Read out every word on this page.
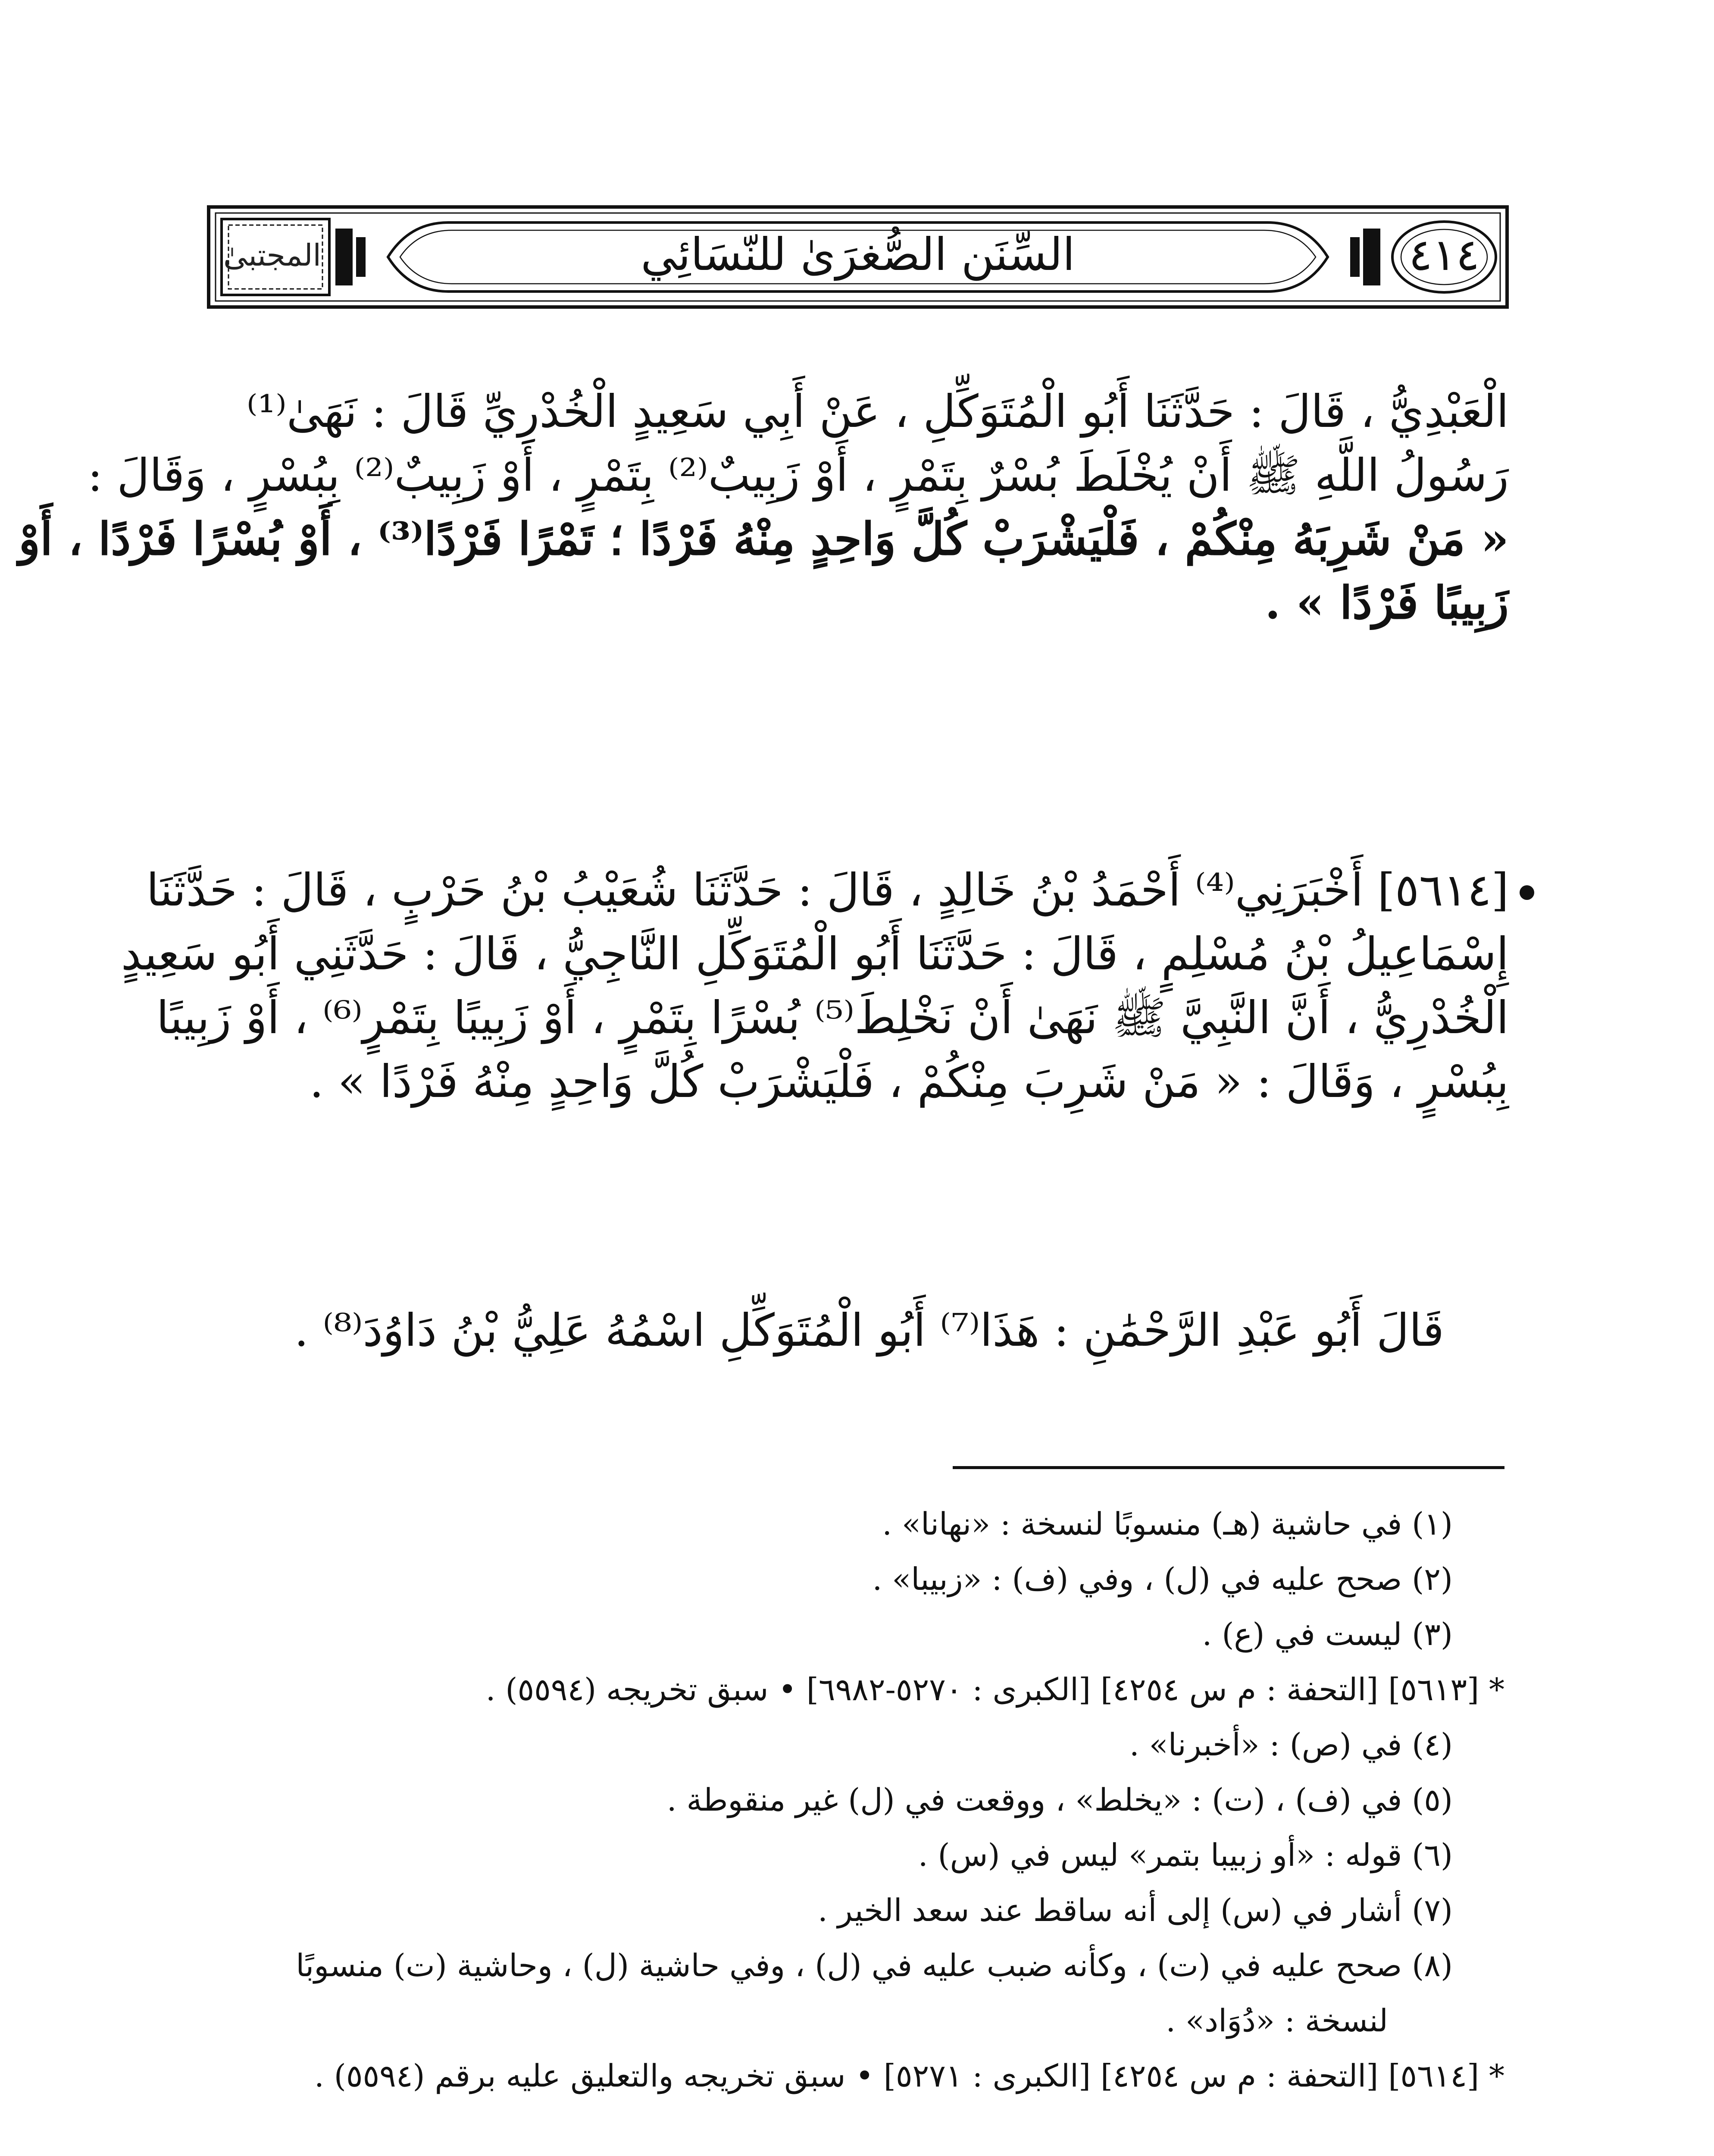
المجتبىٰ	السِّنَن الصُّغرَىٰ للنّسَائِي	٤١٤
الْعَبْدِيُّ ، قَالَ : حَدَّثَنَا أَبُو الْمُتَوَكِّلِ ، عَنْ أَبِي سَعِيدٍ الْخُدْرِيِّ قَالَ : نَهَىٰ⁽¹⁾
رَسُولُ اللَّهِ ﷺ أَنْ يُخْلَطَ بُسْرٌ بِتَمْرٍ ، أَوْ زَبِيبٌ⁽²⁾ بِتَمْرٍ ، أَوْ زَبِيبٌ⁽²⁾ بِبُسْرٍ ، وَقَالَ :
« مَنْ شَرِبَهُ مِنْكُمْ ، فَلْيَشْرَبْ كُلَّ وَاحِدٍ مِنْهُ فَرْدًا ؛ تَمْرًا فَرْدًا⁽³⁾ ، أَوْ بُسْرًا فَرْدًا ، أَوْ
زَبِيبًا فَرْدًا » .
[٥٦١٤] أَخْبَرَنِي⁽⁴⁾ أَحْمَدُ بْنُ خَالِدٍ ، قَالَ : حَدَّثَنَا شُعَيْبُ بْنُ حَرْبٍ ، قَالَ : حَدَّثَنَا
إِسْمَاعِيلُ بْنُ مُسْلِمٍ ، قَالَ : حَدَّثَنَا أَبُو الْمُتَوَكِّلِ النَّاجِيُّ ، قَالَ : حَدَّثَنِي أَبُو سَعِيدٍ
الْخُدْرِيُّ ، أَنَّ النَّبِيَّ ﷺ نَهَىٰ أَنْ نَخْلِطَ⁽⁵⁾ بُسْرًا بِتَمْرٍ ، أَوْ زَبِيبًا بِتَمْرٍ⁽⁶⁾ ، أَوْ زَبِيبًا
بِبُسْرٍ ، وَقَالَ : « مَنْ شَرِبَ مِنْكُمْ ، فَلْيَشْرَبْ كُلَّ وَاحِدٍ مِنْهُ فَرْدًا » .
قَالَ أَبُو عَبْدِ الرَّحْمَٰنِ : هَذَا⁽⁷⁾ أَبُو الْمُتَوَكِّلِ اسْمُهُ عَلِيُّ بْنُ دَاوُدَ⁽⁸⁾ .
(١) في حاشية (هـ) منسوبًا لنسخة : «نهانا» .
(٢) صحح عليه في (ل) ، وفي (ف) : «زبيبا» .
(٣) ليست في (ع) .
* [٥٦١٣] [التحفة : م س ٤٢٥٤] [الكبرى : ٥٢٧٠-٦٩٨٢] • سبق تخريجه (٥٥٩٤) .
(٤) في (ص) : «أخبرنا» .
(٥) في (ف) ، (ت) : «يخلط» ، ووقعت في (ل) غير منقوطة .
(٦) قوله : «أو زبيبا بتمر» ليس في (س) .
(٧) أشار في (س) إلى أنه ساقط عند سعد الخير .
(٨) صحح عليه في (ت) ، وكأنه ضبب عليه في (ل) ، وفي حاشية (ل) ، وحاشية (ت) منسوبًا
لنسخة : «دُوَاد» .
* [٥٦١٤] [التحفة : م س ٤٢٥٤] [الكبرى : ٥٢٧١] • سبق تخريجه والتعليق عليه برقم (٥٥٩٤) .
